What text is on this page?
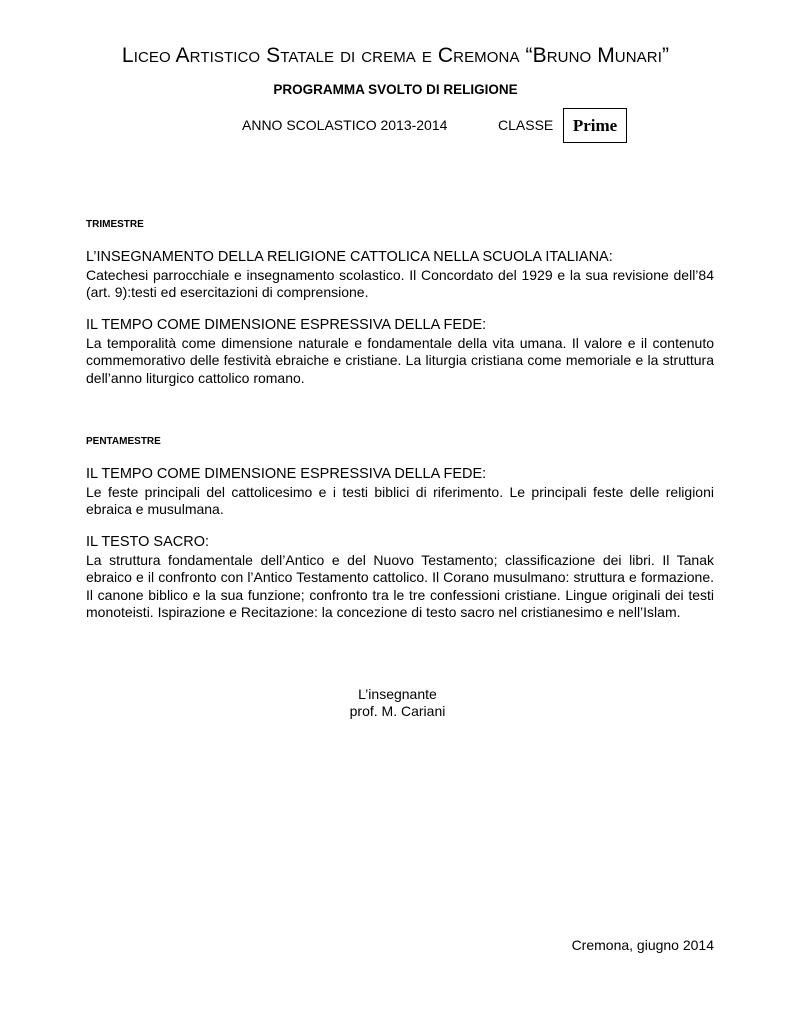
Liceo Artistico Statale di crema e Cremona “Bruno Munari”
PROGRAMMA SVOLTO DI RELIGIONE
ANNO SCOLASTICO 2013-2014	CLASSE	Prime
TRIMESTRE
L’INSEGNAMENTO DELLA RELIGIONE CATTOLICA NELLA SCUOLA ITALIANA:
Catechesi parrocchiale e insegnamento scolastico. Il Concordato del 1929 e la sua revisione dell’84 (art. 9):testi ed esercitazioni di comprensione.
IL TEMPO COME DIMENSIONE ESPRESSIVA DELLA FEDE:
La temporalità come dimensione naturale e fondamentale della vita umana. Il valore e il contenuto commemorativo delle festività ebraiche e cristiane. La liturgia cristiana come memoriale e la struttura dell’anno liturgico cattolico romano.
PENTAMESTRE
IL TEMPO COME DIMENSIONE ESPRESSIVA DELLA FEDE:
Le feste principali del cattolicesimo e i testi biblici di riferimento. Le principali feste delle religioni ebraica e musulmana.
IL TESTO SACRO:
La struttura fondamentale dell’Antico e del Nuovo Testamento; classificazione dei libri. Il Tanak ebraico e il confronto con l’Antico Testamento cattolico. Il Corano musulmano: struttura e formazione. Il canone biblico e la sua funzione; confronto tra le tre confessioni cristiane. Lingue originali dei testi monoteisti. Ispirazione e Recitazione: la concezione di testo sacro nel cristianesimo e nell’Islam.
L’insegnante
prof. M. Cariani
Cremona, giugno 2014
